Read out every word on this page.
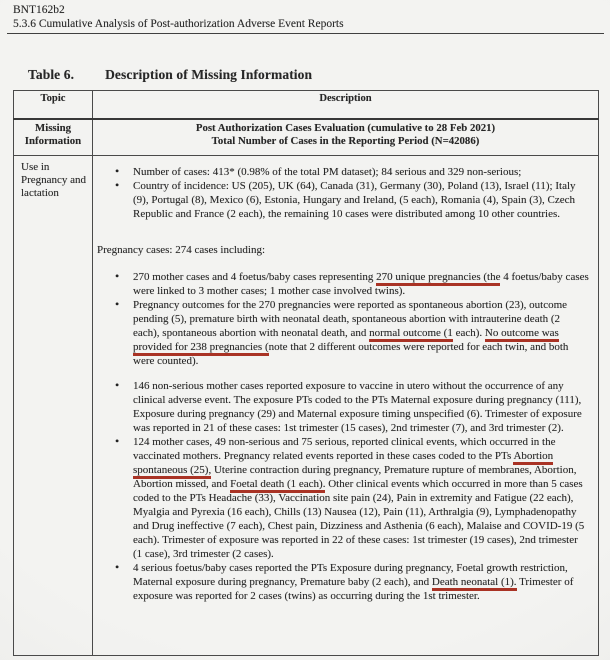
BNT162b2
5.3.6 Cumulative Analysis of Post-authorization Adverse Event Reports
Table 6. Description of Missing Information
Topic	Description
Missing Information	Post Authorization Cases Evaluation (cumulative to 28 Feb 2021)
Total Number of Cases in the Reporting Period (N=42086)

Use in Pregnancy and lactation	
• Number of cases: 413* (0.98% of the total PM dataset); 84 serious and 329 non-serious;
• Country of incidence: US (205), UK (64), Canada (31), Germany (30), Poland (13), Israel (11); Italy (9), Portugal (8), Mexico (6), Estonia, Hungary and Ireland, (5 each), Romania (4), Spain (3), Czech Republic and France (2 each), the remaining 10 cases were distributed among 10 other countries.
Pregnancy cases: 274 cases including:
• 270 mother cases and 4 foetus/baby cases representing 270 unique pregnancies (the 4 foetus/baby cases were linked to 3 mother cases; 1 mother case involved twins).
• Pregnancy outcomes for the 270 pregnancies were reported as spontaneous abortion (23), outcome pending (5), premature birth with neonatal death, spontaneous abortion with intrauterine death (2 each), spontaneous abortion with neonatal death, and normal outcome (1 each). No outcome was provided for 238 pregnancies (note that 2 different outcomes were reported for each twin, and both were counted).
• 146 non-serious mother cases reported exposure to vaccine in utero without the occurrence of any clinical adverse event. The exposure PTs coded to the PTs Maternal exposure during pregnancy (111), Exposure during pregnancy (29) and Maternal exposure timing unspecified (6). Trimester of exposure was reported in 21 of these cases: 1st trimester (15 cases), 2nd trimester (7), and 3rd trimester (2).
• 124 mother cases, 49 non-serious and 75 serious, reported clinical events, which occurred in the vaccinated mothers. Pregnancy related events reported in these cases coded to the PTs Abortion spontaneous (25), Uterine contraction during pregnancy, Premature rupture of membranes, Abortion, Abortion missed, and Foetal death (1 each). Other clinical events which occurred in more than 5 cases coded to the PTs Headache (33), Vaccination site pain (24), Pain in extremity and Fatigue (22 each), Myalgia and Pyrexia (16 each), Chills (13) Nausea (12), Pain (11), Arthralgia (9), Lymphadenopathy and Drug ineffective (7 each), Chest pain, Dizziness and Asthenia (6 each), Malaise and COVID-19 (5 each). Trimester of exposure was reported in 22 of these cases: 1st trimester (19 cases), 2nd trimester (1 case), 3rd trimester (2 cases).
• 4 serious foetus/baby cases reported the PTs Exposure during pregnancy, Foetal growth restriction, Maternal exposure during pregnancy, Premature baby (2 each), and Death neonatal (1). Trimester of exposure was reported for 2 cases (twins) as occurring during the 1st trimester.
